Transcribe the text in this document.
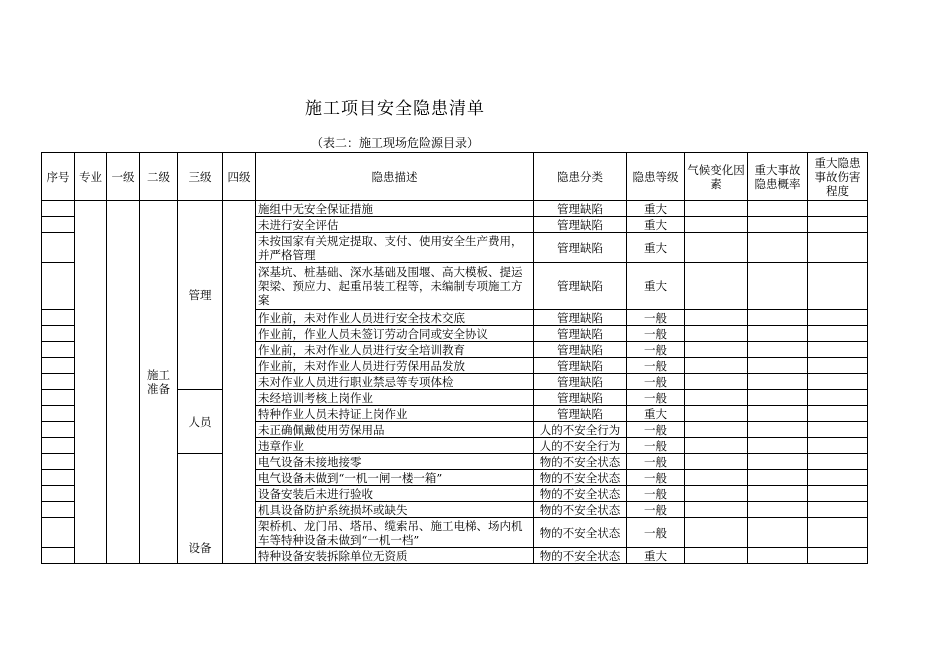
施工项目安全隐患清单
（表二：施工现场危险源目录）
序号	专业	一级	二级	三级	四级	隐患描述	隐患分类	隐患等级	气候变化因素	重大事故隐患概率	重大隐患事故伤害程度
			施工准备	管理		施组中无安全保证措施	管理缺陷	重大			
						未进行安全评估	管理缺陷	重大			
						未按国家有关规定提取、支付、使用安全生产费用，并严格管理	管理缺陷	重大			
						深基坑、桩基础、深水基础及围堰、高大模板、提运架梁、预应力、起重吊装工程等，未编制专项施工方案	管理缺陷	重大			
						作业前，未对作业人员进行安全技术交底	管理缺陷	一般			
						作业前，作业人员未签订劳动合同或安全协议	管理缺陷	一般			
						作业前，未对作业人员进行安全培训教育	管理缺陷	一般			
						作业前，未对作业人员进行劳保用品发放	管理缺陷	一般			
						未对作业人员进行职业禁忌等专项体检	管理缺陷	一般			
				人员		未经培训考核上岗作业	管理缺陷	一般			
						特种作业人员未持证上岗作业	管理缺陷	重大			
						未正确佩戴使用劳保用品	人的不安全行为	一般			
						违章作业	人的不安全行为	一般			
				设备		电气设备未接地接零	物的不安全状态	一般			
						电气设备未做到“一机一闸一楼一箱”	物的不安全状态	一般			
						设备安装后未进行验收	物的不安全状态	一般			
						机具设备防护系统损坏或缺失	物的不安全状态	一般			
						架桥机、龙门吊、塔吊、缆索吊、施工电梯、场内机车等特种设备未做到“一机一档”	物的不安全状态	一般			
						特种设备安装拆除单位无资质	物的不安全状态	重大			
